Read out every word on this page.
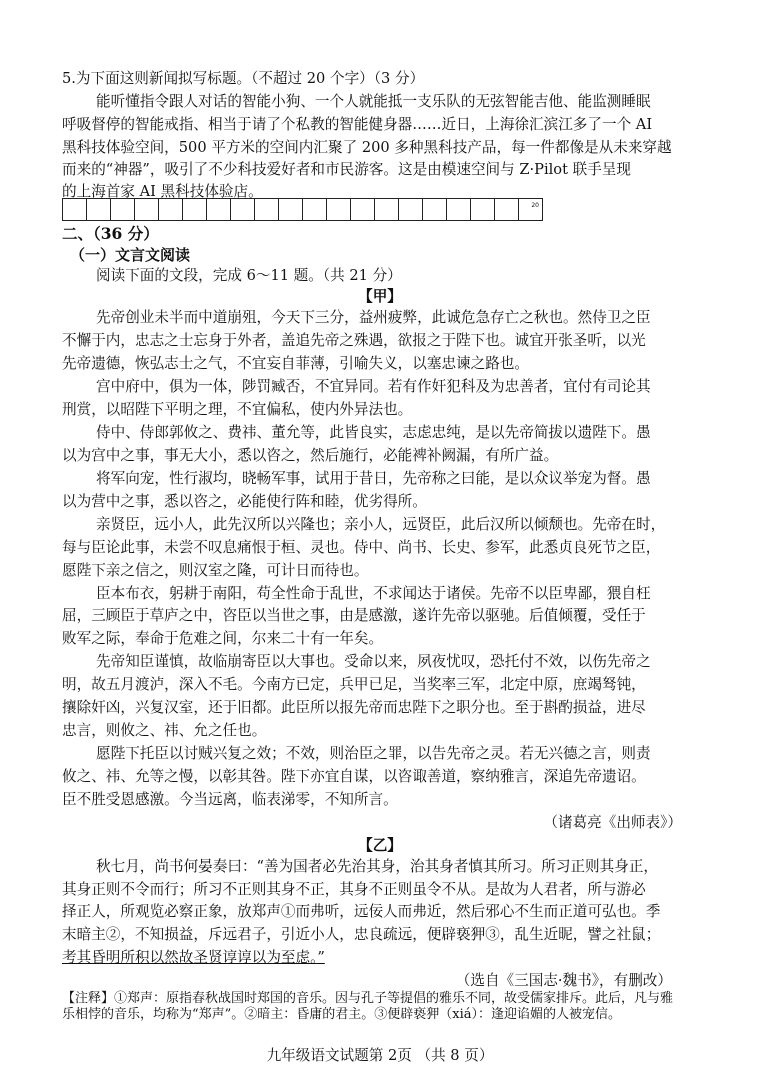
5.为下面这则新闻拟写标题。（不超过 20 个字）（3 分）
能听懂指令跟人对话的智能小狗、一个人就能抵一支乐队的无弦智能吉他、能监测睡眠
呼吸督停的智能戒指、相当于请了个私教的智能健身器……近日，上海徐汇滨江多了一个 AI
黑科技体验空间，500 平方米的空间内汇聚了 200 多种黑科技产品，每一件都像是从未来穿越
而来的“神器”，吸引了不少科技爱好者和市民游客。这是由模速空间与 Z·Pilot 联手呈现
的上海首家 AI 黑科技体验店。
20
二、（36 分）
（一）文言文阅读
阅读下面的文段，完成 6～11 题。（共 21 分）
【甲】
先帝创业未半而中道崩殂，今天下三分，益州疲弊，此诚危急存亡之秋也。然侍卫之臣
不懈于内，忠志之士忘身于外者，盖追先帝之殊遇，欲报之于陛下也。诚宜开张圣听，以光
先帝遗德，恢弘志士之气，不宜妄自菲薄，引喻失义，以塞忠谏之路也。
宫中府中，俱为一体，陟罚臧否，不宜异同。若有作奸犯科及为忠善者，宜付有司论其
刑赏，以昭陛下平明之理，不宜偏私，使内外异法也。
侍中、侍郎郭攸之、费祎、董允等，此皆良实，志虑忠纯，是以先帝简拔以遗陛下。愚
以为宫中之事，事无大小，悉以咨之，然后施行，必能裨补阙漏，有所广益。
将军向宠，性行淑均，晓畅军事，试用于昔日，先帝称之曰能，是以众议举宠为督。愚
以为营中之事，悉以咨之，必能使行阵和睦，优劣得所。
亲贤臣，远小人，此先汉所以兴隆也；亲小人，远贤臣，此后汉所以倾颓也。先帝在时，
每与臣论此事，未尝不叹息痛恨于桓、灵也。侍中、尚书、长史、参军，此悉贞良死节之臣，
愿陛下亲之信之，则汉室之隆，可计日而待也。
臣本布衣，躬耕于南阳，苟全性命于乱世，不求闻达于诸侯。先帝不以臣卑鄙，猥自枉
屈，三顾臣于草庐之中，咨臣以当世之事，由是感激，遂许先帝以驱驰。后值倾覆，受任于
败军之际，奉命于危难之间，尔来二十有一年矣。
先帝知臣谨慎，故临崩寄臣以大事也。受命以来，夙夜忧叹，恐托付不效，以伤先帝之
明，故五月渡泸，深入不毛。今南方已定，兵甲已足，当奖率三军，北定中原，庶竭驽钝，
攘除奸凶，兴复汉室，还于旧都。此臣所以报先帝而忠陛下之职分也。至于斟酌损益，进尽
忠言，则攸之、祎、允之任也。
愿陛下托臣以讨贼兴复之效；不效，则治臣之罪，以告先帝之灵。若无兴德之言，则责
攸之、祎、允等之慢，以彰其咎。陛下亦宜自谋，以咨诹善道，察纳雅言，深追先帝遗诏。
臣不胜受恩感激。今当远离，临表涕零，不知所言。
（诸葛亮《出师表》）
【乙】
秋七月，尚书何晏奏曰：“善为国者必先治其身，治其身者慎其所习。所习正则其身正，
其身正则不令而行；所习不正则其身不正，其身不正则虽令不从。是故为人君者，所与游必
择正人，所观览必察正象，放郑声①而弗听，远佞人而弗近，然后邪心不生而正道可弘也。季
末暗主②，不知损益，斥远君子，引近小人，忠良疏远，便辟亵狎③，乱生近昵，譬之社鼠；
考其昏明所积以然故圣贤谆谆以为至虑。”
（选自《三国志·魏书》，有删改）
【注释】①郑声：原指春秋战国时郑国的音乐。因与孔子等提倡的雅乐不同，故受儒家排斥。此后，凡与雅
乐相悖的音乐，均称为“郑声”。②暗主：昏庸的君主。③便辟亵狎（xiá）：逢迎谄媚的人被宠信。
九年级语文试题第 2页 （共 8 页）
